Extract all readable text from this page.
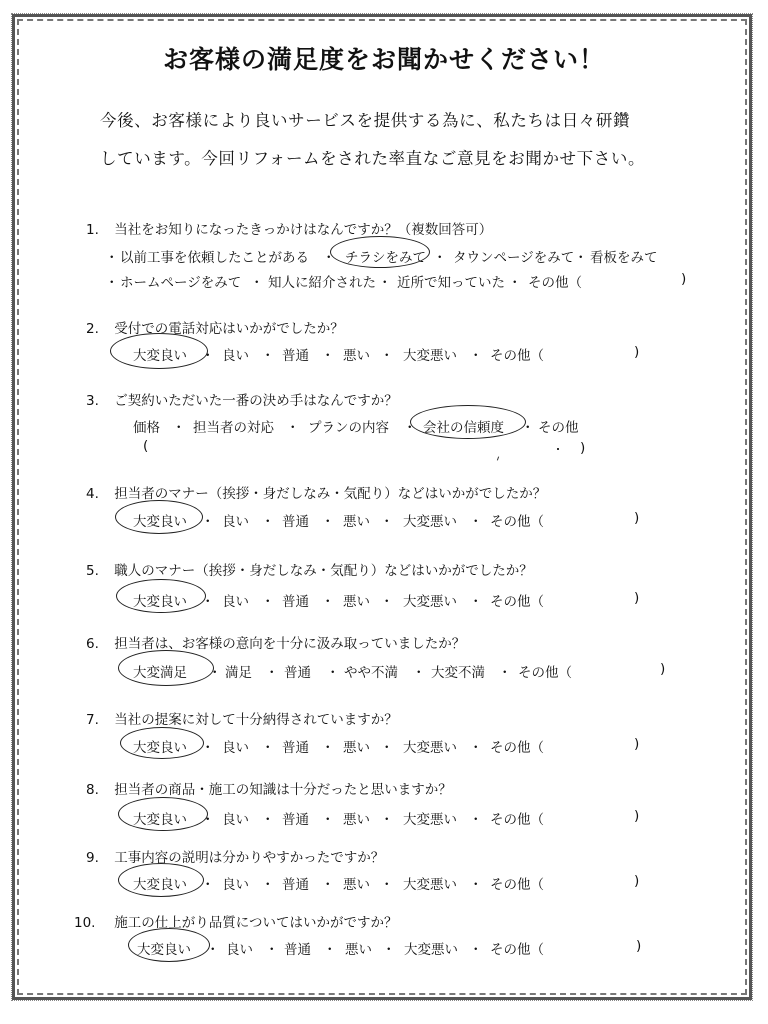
お客様の満足度をお聞かせください！
今後、お客様により良いサービスを提供する為に、私たちは日々研鑽
しています。今回リフォームをされた率直なご意見をお聞かせ下さい。
1. 当社をお知りになったきっかけはなんですか？（複数回答可）
・ 以前工事を依頼したことがある ・ チラシをみて ・ タウンページをみて ・ 看板をみて
・ ホームページをみて ・ 知人に紹介された ・ 近所で知っていた ・ その他（	)
2. 受付での電話対応はいかがでしたか？
大変良い ・ 良い ・ 普通 ・ 悪い ・ 大変悪い ・ その他（	)
3. ご契約いただいた一番の決め手はなんですか？
価格 ・ 担当者の対応 ・ プランの内容 ・ 会社の信頼度 ・ その他
(	)
4. 担当者のマナー（挨拶・身だしなみ・気配り）などはいかがでしたか？
大変良い ・ 良い ・ 普通 ・ 悪い ・ 大変悪い ・ その他（	)
5. 職人のマナー（挨拶・身だしなみ・気配り）などはいかがでしたか？
大変良い ・ 良い ・ 普通 ・ 悪い ・ 大変悪い ・ その他（	)
6. 担当者は、お客様の意向を十分に汲み取っていましたか？
大変満足 ・ 満足 ・ 普通 ・ やや不満 ・ 大変不満 ・ その他（	)
7. 当社の提案に対して十分納得されていますか？
大変良い ・ 良い ・ 普通 ・ 悪い ・ 大変悪い ・ その他（	)
8. 担当者の商品・施工の知識は十分だったと思いますか？
大変良い ・ 良い ・ 普通 ・ 悪い ・ 大変悪い ・ その他（	)
9. 工事内容の説明は分かりやすかったですか？
大変良い ・ 良い ・ 普通 ・ 悪い ・ 大変悪い ・ その他（	)
10. 施工の仕上がり品質についてはいかがですか？
大変良い ・ 良い ・ 普通 ・ 悪い ・ 大変悪い ・ その他（	)
